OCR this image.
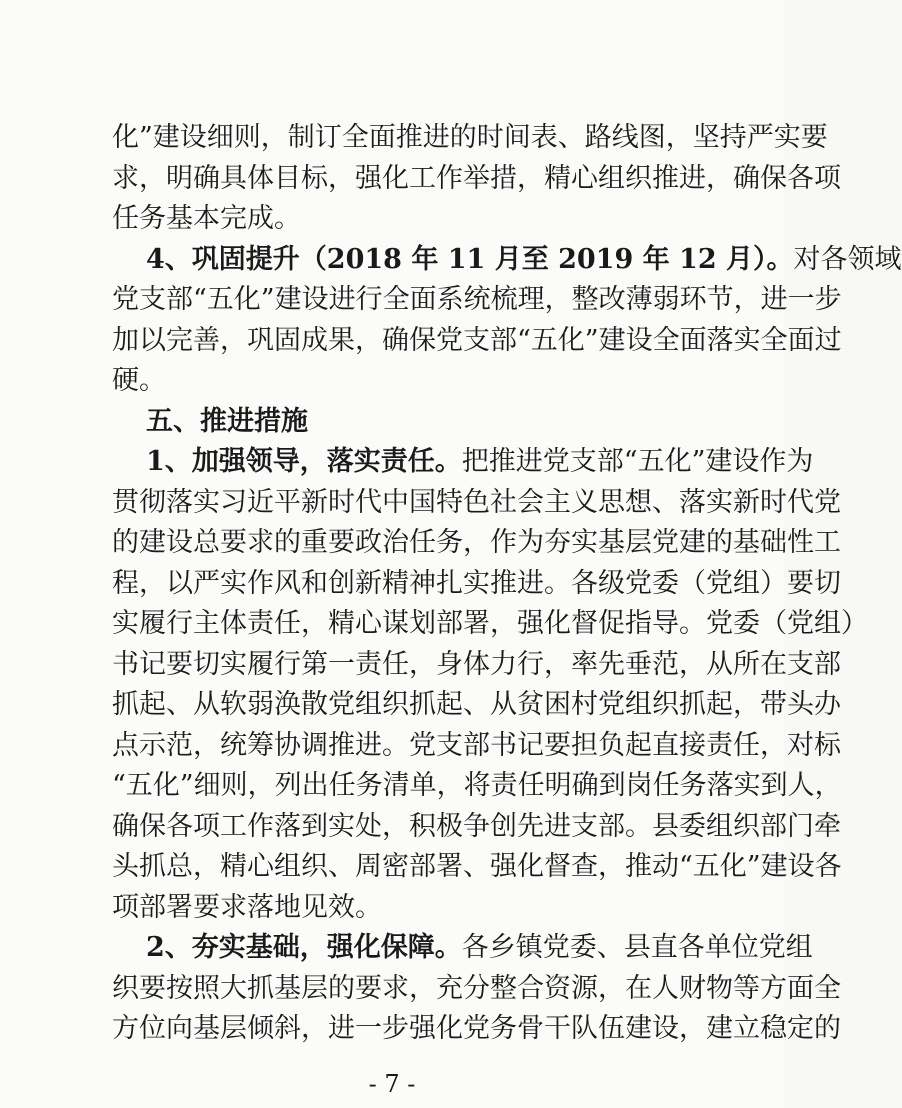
化”建设细则，制订全面推进的时间表、路线图，坚持严实要
求，明确具体目标，强化工作举措，精心组织推进，确保各项
任务基本完成。
4、巩固提升（2018 年 11 月至 2019 年 12 月）。对各领域
党支部“五化”建设进行全面系统梳理，整改薄弱环节，进一步
加以完善，巩固成果，确保党支部“五化”建设全面落实全面过
硬。
五、推进措施
1、加强领导，落实责任。把推进党支部“五化”建设作为
贯彻落实习近平新时代中国特色社会主义思想、落实新时代党
的建设总要求的重要政治任务，作为夯实基层党建的基础性工
程，以严实作风和创新精神扎实推进。各级党委（党组）要切
实履行主体责任，精心谋划部署，强化督促指导。党委（党组）
书记要切实履行第一责任，身体力行，率先垂范，从所在支部
抓起、从软弱涣散党组织抓起、从贫困村党组织抓起，带头办
点示范，统筹协调推进。党支部书记要担负起直接责任，对标
“五化”细则，列出任务清单，将责任明确到岗任务落实到人，
确保各项工作落到实处，积极争创先进支部。县委组织部门牵
头抓总，精心组织、周密部署、强化督查，推动“五化”建设各
项部署要求落地见效。
2、夯实基础，强化保障。各乡镇党委、县直各单位党组
- 7 -
织要按照大抓基层的要求，充分整合资源，在人财物等方面全
方位向基层倾斜，进一步强化党务骨干队伍建设，建立稳定的
